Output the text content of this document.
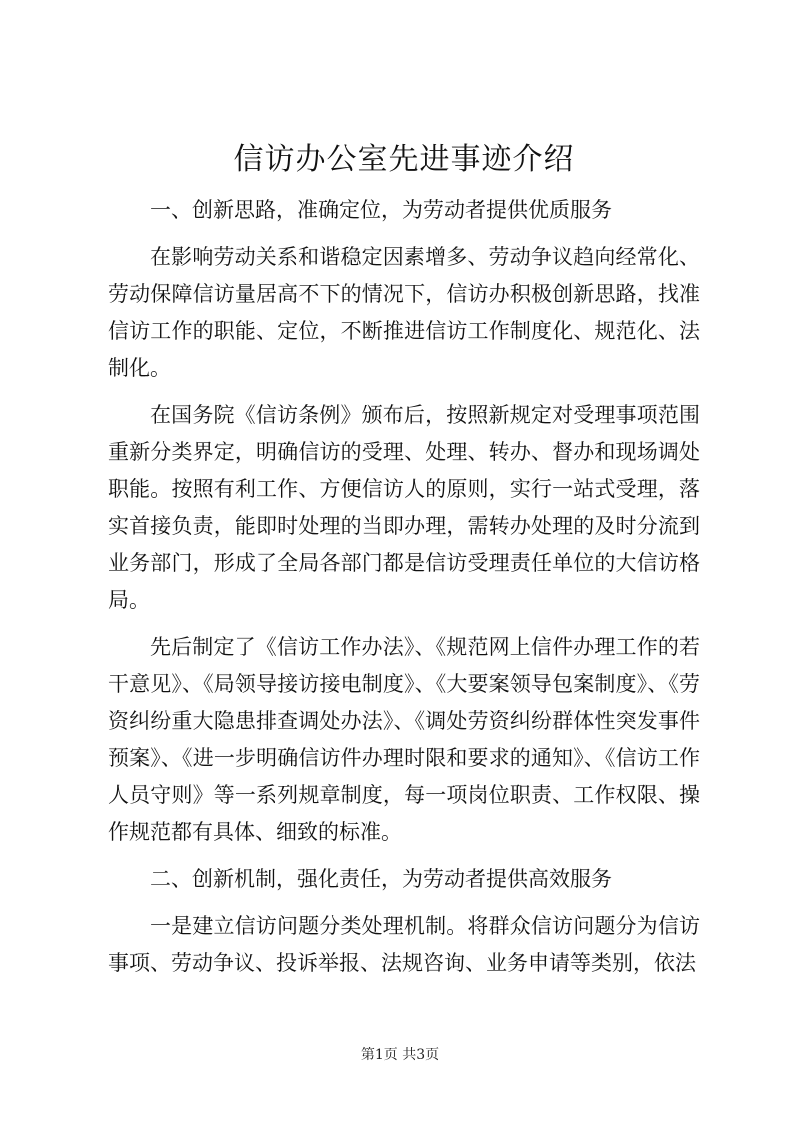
信访办公室先进事迹介绍
一、创新思路，准确定位，为劳动者提供优质服务

在影响劳动关系和谐稳定因素增多、劳动争议趋向经常化、劳动保障信访量居高不下的情况下，信访办积极创新思路，找准信访工作的职能、定位，不断推进信访工作制度化、规范化、法制化。

在国务院《信访条例》颁布后，按照新规定对受理事项范围重新分类界定，明确信访的受理、处理、转办、督办和现场调处职能。按照有利工作、方便信访人的原则，实行一站式受理，落实首接负责，能即时处理的当即办理，需转办处理的及时分流到业务部门，形成了全局各部门都是信访受理责任单位的大信访格局。

先后制定了《信访工作办法》、《规范网上信件办理工作的若干意见》、《局领导接访接电制度》、《大要案领导包案制度》、《劳资纠纷重大隐患排查调处办法》、《调处劳资纠纷群体性突发事件预案》、《进一步明确信访件办理时限和要求的通知》、《信访工作人员守则》等一系列规章制度，每一项岗位职责、工作权限、操作规范都有具体、细致的标准。

二、创新机制，强化责任，为劳动者提供高效服务

一是建立信访问题分类处理机制。将群众信访问题分为信访事项、劳动争议、投诉举报、法规咨询、业务申请等类别，依法

第1页 共3页
